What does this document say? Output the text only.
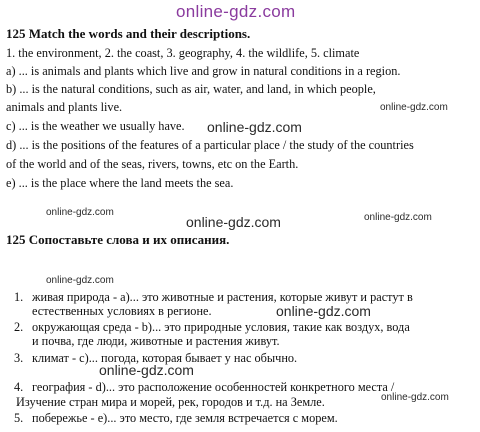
online-gdz.com
125 Match the words and their descriptions.
1. the environment, 2. the coast, 3. geography, 4. the wildlife, 5. climate
a) ... is animals and plants which live and grow in natural conditions in a region.
b) ... is the natural conditions, such as air, water, and land, in which people,
animals and plants live.
c) ... is the weather we usually have.
d) ... is the positions of the features of a particular place / the study of the countries
of the world and of the seas, rivers, towns, etc on the Earth.
e) ... is the place where the land meets the sea.
online-gdz.com
online-gdz.com
online-gdz.com
online-gdz.com	online-gdz.com
125 Сопоставьте слова и их описания.
online-gdz.com
1. живая природа - a)... это животные и растения, которые живут и растут в
естественных условиях в регионе.	online-gdz.com
2. окружающая среда - b)... это природные условия, такие как воздух, вода
и почва, где люди, животные и растения живут.
3. климат - c)... погода, которая бывает у нас обычно.
online-gdz.com
4. география - d)... это расположение особенностей конкретного места /
Изучение стран мира и морей, рек, городов и т.д. на Земле.	online-gdz.com
5. побережье - e)... это место, где земля встречается с морем.
